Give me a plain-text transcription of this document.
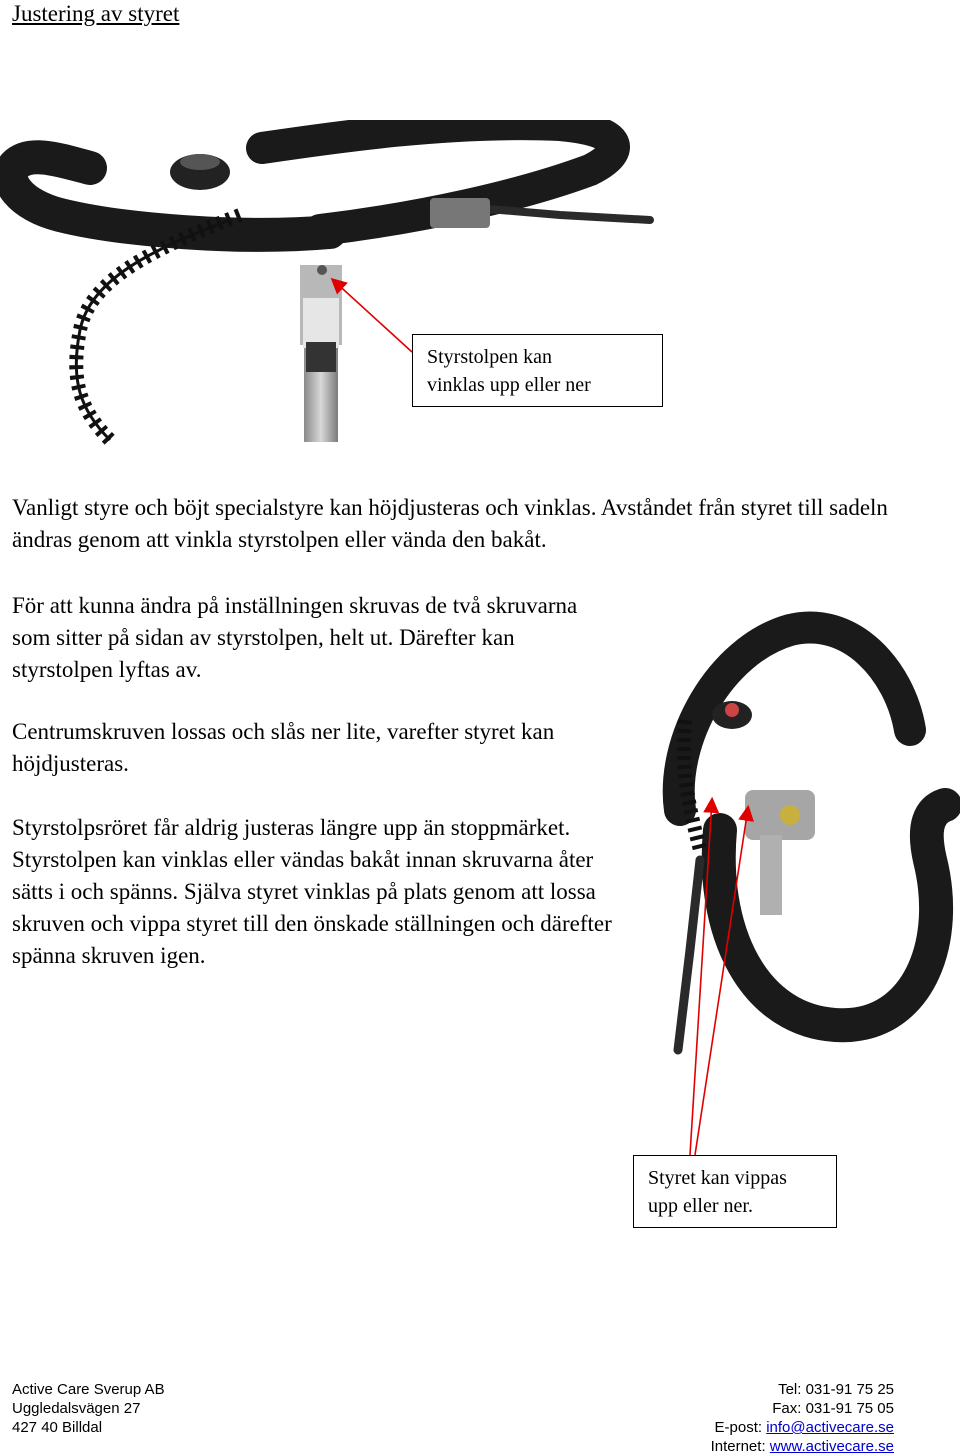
Justering av styret
Styrstolpen kan
vinklas upp eller ner

Vanligt styre och böjt specialstyre kan höjdjusteras och vinklas. Avståndet från styret till sadeln ändras genom att vinkla styrstolpen eller vända den bakåt.

För att kunna ändra på inställningen skruvas de två skruvarna som sitter på sidan av styrstolpen, helt ut. Därefter kan styrstolpen lyftas av.

Centrumskruven lossas och slås ner lite, varefter styret kan höjdjusteras.

Styrstolpsröret får aldrig justeras längre upp än stoppmärket. Styrstolpen kan vinklas eller vändas bakåt innan skruvarna åter sätts i och spänns. Själva styret vinklas på plats genom att lossa skruven och vippa styret till den önskade ställningen och därefter spänna skruven igen.

Styret kan vippas
upp eller ner.
Active Care Sverup AB
Uggledalsvägen 27
427 40 Billdal
Tel: 031-91 75 25
Fax: 031-91 75 05
E-post: info@activecare.se
Internet: www.activecare.se
